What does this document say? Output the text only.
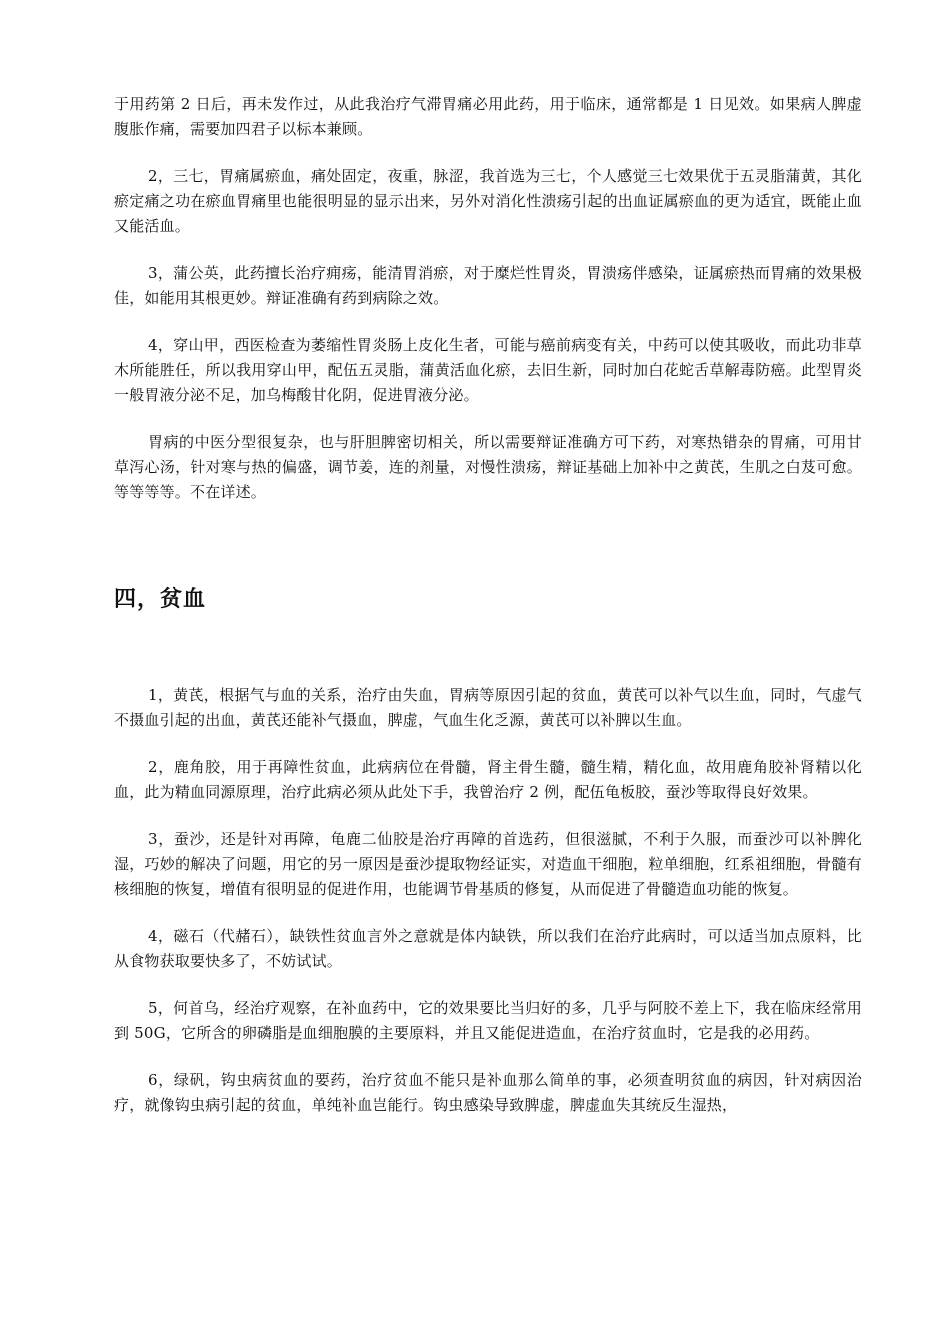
于用药第 2 日后，再未发作过，从此我治疗气滞胃痛必用此药，用于临床，通常都是 1 日见效。如果病人脾虚腹胀作痛，需要加四君子以标本兼顾。

2，三七，胃痛属瘀血，痛处固定，夜重，脉涩，我首选为三七，个人感觉三七效果优于五灵脂蒲黄，其化瘀定痛之功在瘀血胃痛里也能很明显的显示出来，另外对消化性溃疡引起的出血证属瘀血的更为适宜，既能止血又能活血。

3，蒲公英，此药擅长治疗痈疡，能清胃消瘀，对于糜烂性胃炎，胃溃疡伴感染，证属瘀热而胃痛的效果极佳，如能用其根更妙。辩证准确有药到病除之效。

4，穿山甲，西医检查为萎缩性胃炎肠上皮化生者，可能与癌前病变有关，中药可以使其吸收，而此功非草木所能胜任，所以我用穿山甲，配伍五灵脂，蒲黄活血化瘀，去旧生新，同时加白花蛇舌草解毒防癌。此型胃炎一般胃液分泌不足，加乌梅酸甘化阴，促进胃液分泌。

胃病的中医分型很复杂，也与肝胆脾密切相关，所以需要辩证准确方可下药，对寒热错杂的胃痛，可用甘草泻心汤，针对寒与热的偏盛，调节姜，连的剂量，对慢性溃疡，辩证基础上加补中之黄芪，生肌之白芨可愈。等等等等。不在详述。

四，贫血

1，黄芪，根据气与血的关系，治疗由失血，胃病等原因引起的贫血，黄芪可以补气以生血，同时，气虚气不摄血引起的出血，黄芪还能补气摄血，脾虚，气血生化乏源，黄芪可以补脾以生血。

2，鹿角胶，用于再障性贫血，此病病位在骨髓，肾主骨生髓，髓生精，精化血，故用鹿角胶补肾精以化血，此为精血同源原理，治疗此病必须从此处下手，我曾治疗 2 例，配伍龟板胶，蚕沙等取得良好效果。

3，蚕沙，还是针对再障，龟鹿二仙胶是治疗再障的首选药，但很滋腻，不利于久服，而蚕沙可以补脾化湿，巧妙的解决了问题，用它的另一原因是蚕沙提取物经证实，对造血干细胞，粒单细胞，红系祖细胞，骨髓有核细胞的恢复，增值有很明显的促进作用，也能调节骨基质的修复，从而促进了骨髓造血功能的恢复。

4，磁石（代赭石），缺铁性贫血言外之意就是体内缺铁，所以我们在治疗此病时，可以适当加点原料，比从食物获取要快多了，不妨试试。

5，何首乌，经治疗观察，在补血药中，它的效果要比当归好的多，几乎与阿胶不差上下，我在临床经常用到 50G，它所含的卵磷脂是血细胞膜的主要原料，并且又能促进造血，在治疗贫血时，它是我的必用药。

6，绿矾，钩虫病贫血的要药，治疗贫血不能只是补血那么简单的事，必须查明贫血的病因，针对病因治疗，就像钩虫病引起的贫血，单纯补血岂能行。钩虫感染导致脾虚，脾虚血失其统反生湿热，
